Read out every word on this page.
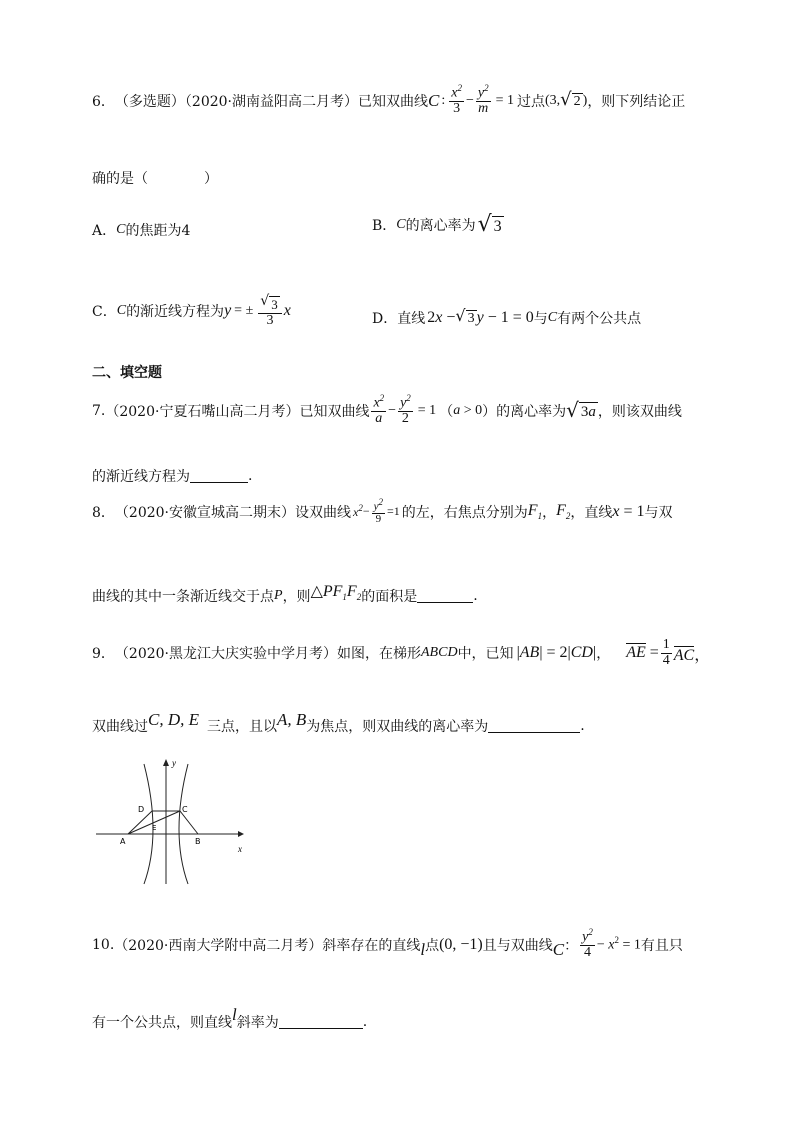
6． （多选题）（2020·湖南益阳高二月考）已知双曲线 C : $\frac{x^2}{3} - \frac{y^2}{m} = 1$ 过点 (3, √ 2 ) ，则下列结论正
确的是（　　　　）
A． C 的焦距为4	B． C 的离心率为 √ 3
C． C 的渐近线方程为 y = ± $\frac{√ 3}{3}$ x	D． 直线 2x − √ 3 y − 1 = 0 与 C 有两个公共点
二、填空题
7. （2020·宁夏石嘴山高二月考）已知双曲线 $\frac{x^2}{a} - \frac{y^2}{2} = 1$ （ a > 0 ）的离心率为 √ 3a ，则该双曲线
的渐近线方程为	.
8． （2020·安徽宣城高二期末）设双曲线 $x^2 - \frac{y^2}{9} =1$ 的左，右焦点分别为 $F_1$ ， $F_2$ ，直线 x = 1 与双
曲线的其中一条渐近线交于点 P ，则 $\triangle PF_1F_2$ 的面积是	.
9． （2020·黑龙江大庆实验中学月考）如图，在梯形 ABCD 中，已知 |AB| = 2|CD| ， AE = $\frac{1}{4}$ AC，
双曲线过 C, D, E 三点，且以 A, B 为焦点，则双曲线的离心率为	.
y
x
D	C
E
A	B
10. （2020·西南大学附中高二月考）斜率存在的直线 l 点 (0, −1) 且与双曲线 C ： $\frac{y^2}{4} - x^2 = 1$ 有且只
有一个公共点，则直线 l 斜率为	.
